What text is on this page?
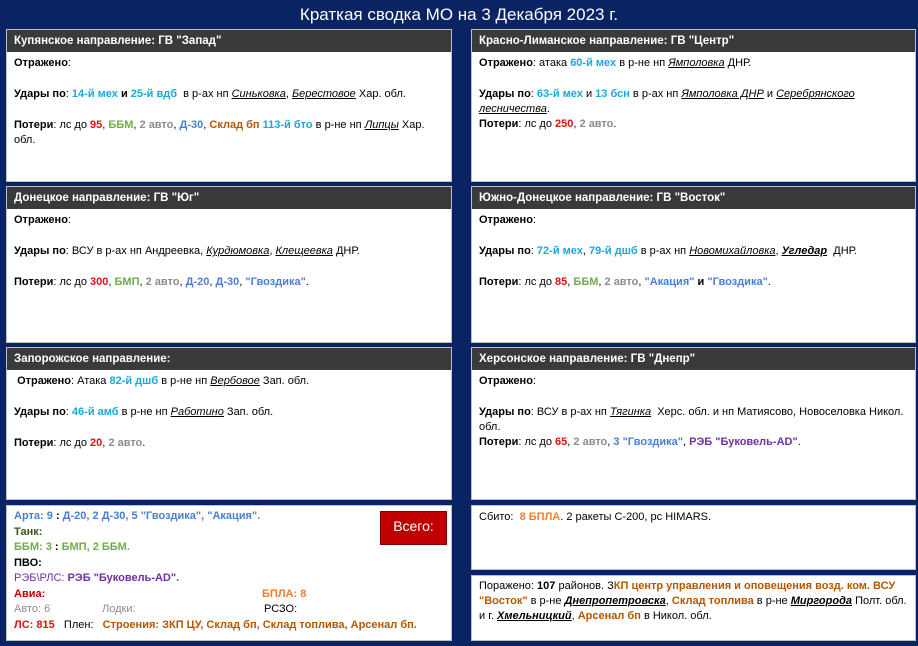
Краткая сводка МО на 3 Декабря 2023 г.
Купянское направление: ГВ "Запад"

Отражено:

Удары по: 14-й мех и 25-й вдб в р-ах нп Синьковка, Берестовое Хар. обл.

Потери: лс до 95, ББМ, 2 авто, Д-30, Склад бп 113-й бто в р-не нп Липцы Хар. обл.

Красно-Лиманское направление: ГВ "Центр"

Отражено: атака 60-й мех в р-не нп Ямполовка ДНР.

Удары по: 63-й мех и 13 бсн в р-ах нп Ямполовка ДНР и Серебрянского лесничества.

Потери: лс до 250, 2 авто.

Донецкое направление: ГВ "Юг"

Отражено:

Удары по: ВСУ в р-ах нп Андреевка, Курдюмовка, Клещеевка ДНР.

Потери: лс до 300, БМП, 2 авто, Д-20, Д-30, "Гвоздика".

Южно-Донецкое направление: ГВ "Восток"

Отражено:

Удары по: 72-й мех, 79-й дшб в р-ах нп Новомихайловка, Угледар ДНР.

Потери: лс до 85, ББМ, 2 авто, "Акация" и "Гвоздика".

Запорожское направление:

Отражено: Атака 82-й дшб в р-не нп Вербовое Зап. обл.

Удары по: 46-й амб в р-не нп Работино Зап. обл.

Потери: лс до 20, 2 авто.

Херсонское направление: ГВ "Днепр"

Отражено:

Удары по: ВСУ в р-ах нп Тягинка Херс. обл. и нп Матиясово, Новоселовка Никол. обл.

Потери: лс до 65, 2 авто, 3 "Гвоздика", РЭБ "Буковель-AD".

Всего:
Арта: 9 : Д-20, 2 Д-30, 5 "Гвоздика", "Акация".
Танк:
ББМ: 3 : БМП, 2 ББМ.
ПВО:
РЭБ\РЛС: РЭБ "Буковель-AD".
Авиа:	БПЛА: 8
Авто: 6	Лодки:	РСЗО:
ЛС: 815 Плен: Строения: ЗКП ЦУ, Склад бп, Склад топлива, Арсенал бп.

Сбито:  8 БПЛА. 2 ракеты С-200, рс HIMARS.

Поражено: 107 районов. ЗКП центр управления и оповещения возд. ком. ВСУ "Восток" в р-не Днепропетровска, Склад топлива в р-не Миргорода Полт. обл. и г. Хмельницкий, Арсенал бп в Никол. обл.
